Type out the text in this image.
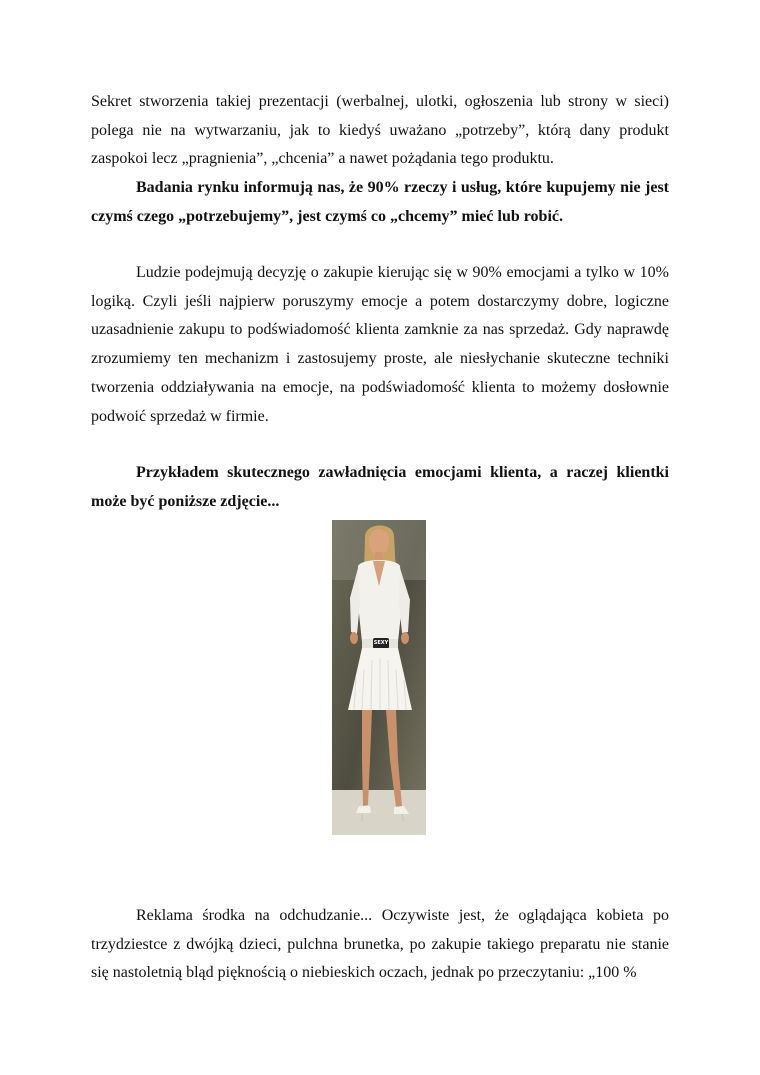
Sekret stworzenia takiej prezentacji (werbalnej, ulotki, ogłoszenia lub strony w sieci) polega nie na wytwarzaniu, jak to kiedyś uważano „potrzeby”, którą dany produkt zaspokoi lecz „pragnienia”, „chcenia” a nawet pożądania tego produktu.

Badania rynku informują nas, że 90% rzeczy i usług, które kupujemy nie jest czymś czego „potrzebujemy”, jest czymś co „chcemy” mieć lub robić.

Ludzie podejmują decyzję o zakupie kierując się w 90% emocjami a tylko w 10% logiką. Czyli jeśli najpierw poruszymy emocje a potem dostarczymy dobre, logiczne uzasadnienie zakupu to podświadomość klienta zamknie za nas sprzedaż. Gdy naprawdę zrozumiemy ten mechanizm i zastosujemy proste, ale niesłychanie skuteczne techniki tworzenia oddziaływania na emocje, na podświadomość klienta to możemy dosłownie podwoić sprzedaż w firmie.

Przykładem skutecznego zawładnięcia emocjami klienta, a raczej klientki może być poniższe zdjęcie...

SEXY

Reklama środka na odchudzanie... Oczywiste jest, że oglądająca kobieta po trzydziestce z dwójką dzieci, pulchna brunetka, po zakupie takiego preparatu nie stanie się nastoletnią bląd pięknością o niebieskich oczach, jednak po przeczytaniu: „100 %
